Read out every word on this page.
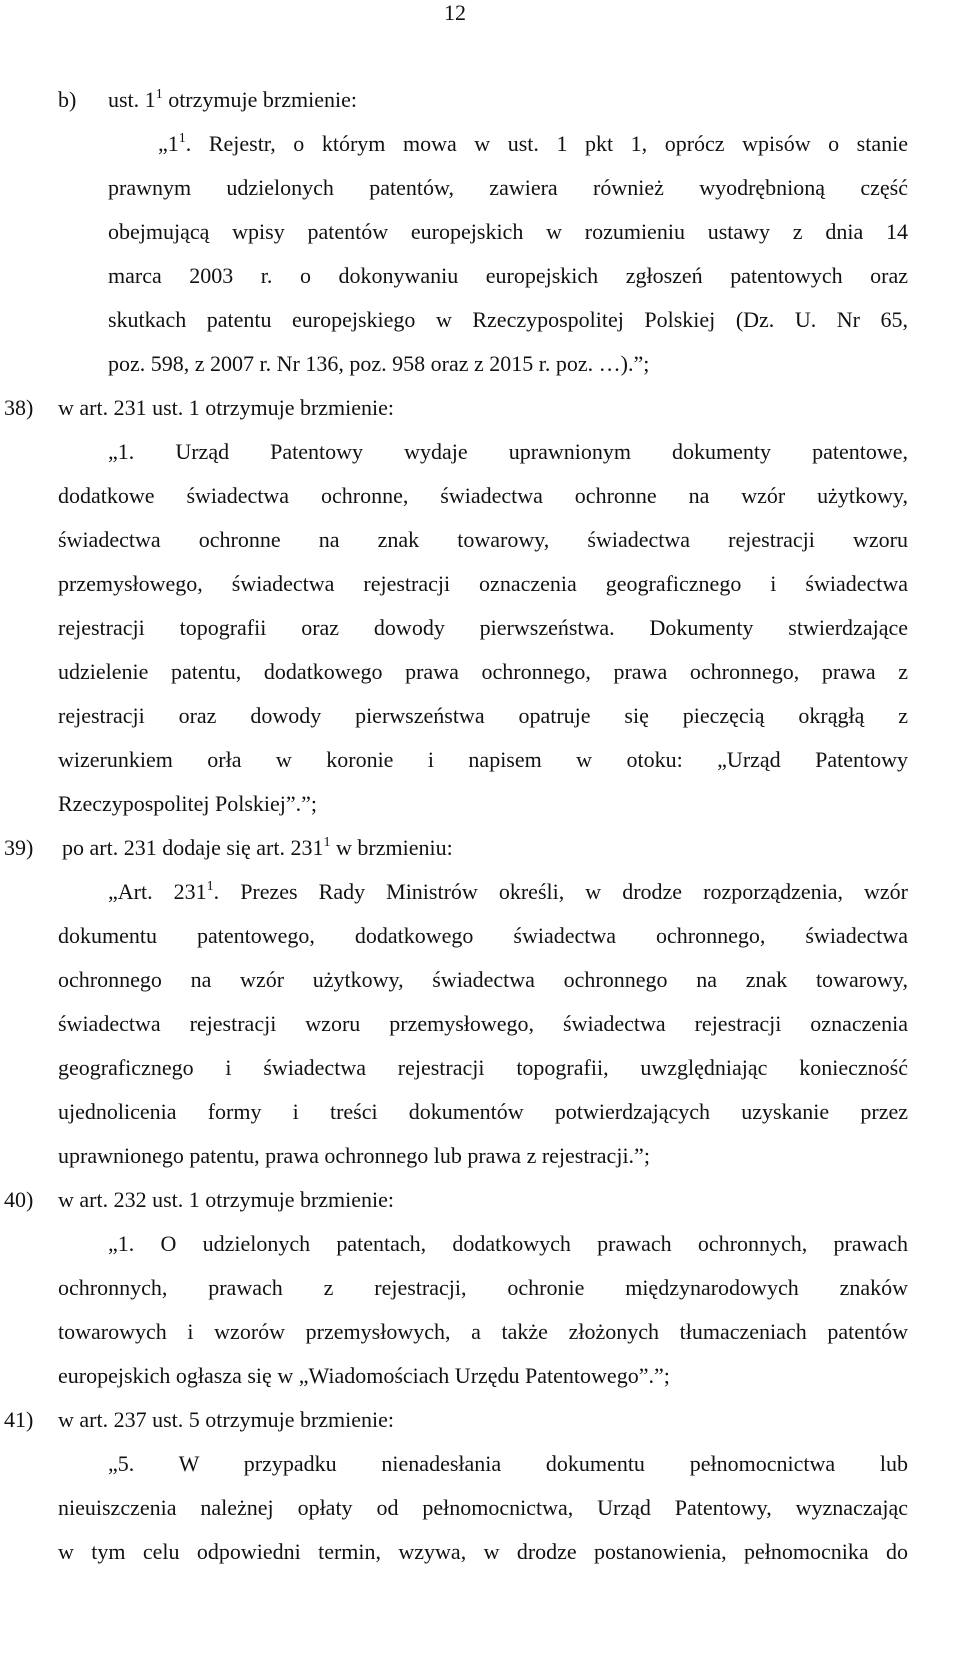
12
b) ust. $1^1$ otrzymuje brzmienie:
$„1^1$. Rejestr, o którym mowa w ust. 1 pkt 1, oprócz wpisów o stanie
prawnym udzielonych patentów, zawiera również wyodrębnioną część
obejmującą wpisy patentów europejskich w rozumieniu ustawy z dnia 14
marca 2003 r. o dokonywaniu europejskich zgłoszeń patentowych oraz
skutkach patentu europejskiego w Rzeczypospolitej Polskiej (Dz. U. Nr 65,
poz. 598, z 2007 r. Nr 136, poz. 958 oraz z 2015 r. poz. …).”;
38) w art. 231 ust. 1 otrzymuje brzmienie:
„1. Urząd Patentowy wydaje uprawnionym dokumenty patentowe,
dodatkowe świadectwa ochronne, świadectwa ochronne na wzór użytkowy,
świadectwa ochronne na znak towarowy, świadectwa rejestracji wzoru
przemysłowego, świadectwa rejestracji oznaczenia geograficznego i świadectwa
rejestracji topografii oraz dowody pierwszeństwa. Dokumenty stwierdzające
udzielenie patentu, dodatkowego prawa ochronnego, prawa ochronnego, prawa z
rejestracji oraz dowody pierwszeństwa opatruje się pieczęcią okrągłą z
wizerunkiem orła w koronie i napisem w otoku: „Urząd Patentowy
Rzeczypospolitej Polskiej”.”;
39) po art. 231 dodaje się art. $231^1$ w brzmieniu:
„Art. $231^1$. Prezes Rady Ministrów określi, w drodze rozporządzenia, wzór
dokumentu patentowego, dodatkowego świadectwa ochronnego, świadectwa
ochronnego na wzór użytkowy, świadectwa ochronnego na znak towarowy,
świadectwa rejestracji wzoru przemysłowego, świadectwa rejestracji oznaczenia
geograficznego i świadectwa rejestracji topografii, uwzględniając konieczność
ujednolicenia formy i treści dokumentów potwierdzających uzyskanie przez
uprawnionego patentu, prawa ochronnego lub prawa z rejestracji.”;
40) w art. 232 ust. 1 otrzymuje brzmienie:
„1. O udzielonych patentach, dodatkowych prawach ochronnych, prawach
ochronnych, prawach z rejestracji, ochronie międzynarodowych znaków
towarowych i wzorów przemysłowych, a także złożonych tłumaczeniach patentów
europejskich ogłasza się w „Wiadomościach Urzędu Patentowego”.”;
41) w art. 237 ust. 5 otrzymuje brzmienie:
„5. W przypadku nienadesłania dokumentu pełnomocnictwa lub
nieuiszczenia należnej opłaty od pełnomocnictwa, Urząd Patentowy, wyznaczając
w tym celu odpowiedni termin, wzywa, w drodze postanowienia, pełnomocnika do
